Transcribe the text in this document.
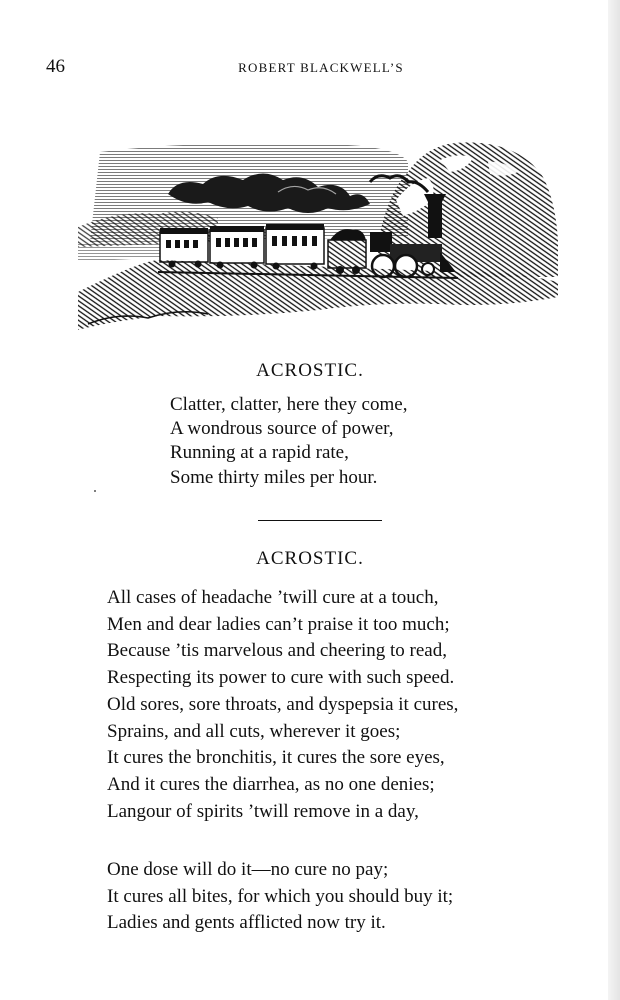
46	ROBERT BLACKWELL’S
ACROSTIC.
Clatter, clatter, here they come,
A wondrous source of power,
Running at a rapid rate,
Some thirty miles per hour.
ACROSTIC.
All cases of headache ’twill cure at a touch,
Men and dear ladies can’t praise it too much;
Because ’tis marvelous and cheering to read,
Respecting its power to cure with such speed.
Old sores, sore throats, and dyspepsia it cures,
Sprains, and all cuts, wherever it goes;
It cures the bronchitis, it cures the sore eyes,
And it cures the diarrhea, as no one denies;
Langour of spirits ’twill remove in a day,
One dose will do it—no cure no pay;
It cures all bites, for which you should buy it;
Ladies and gents afflicted now try it.
